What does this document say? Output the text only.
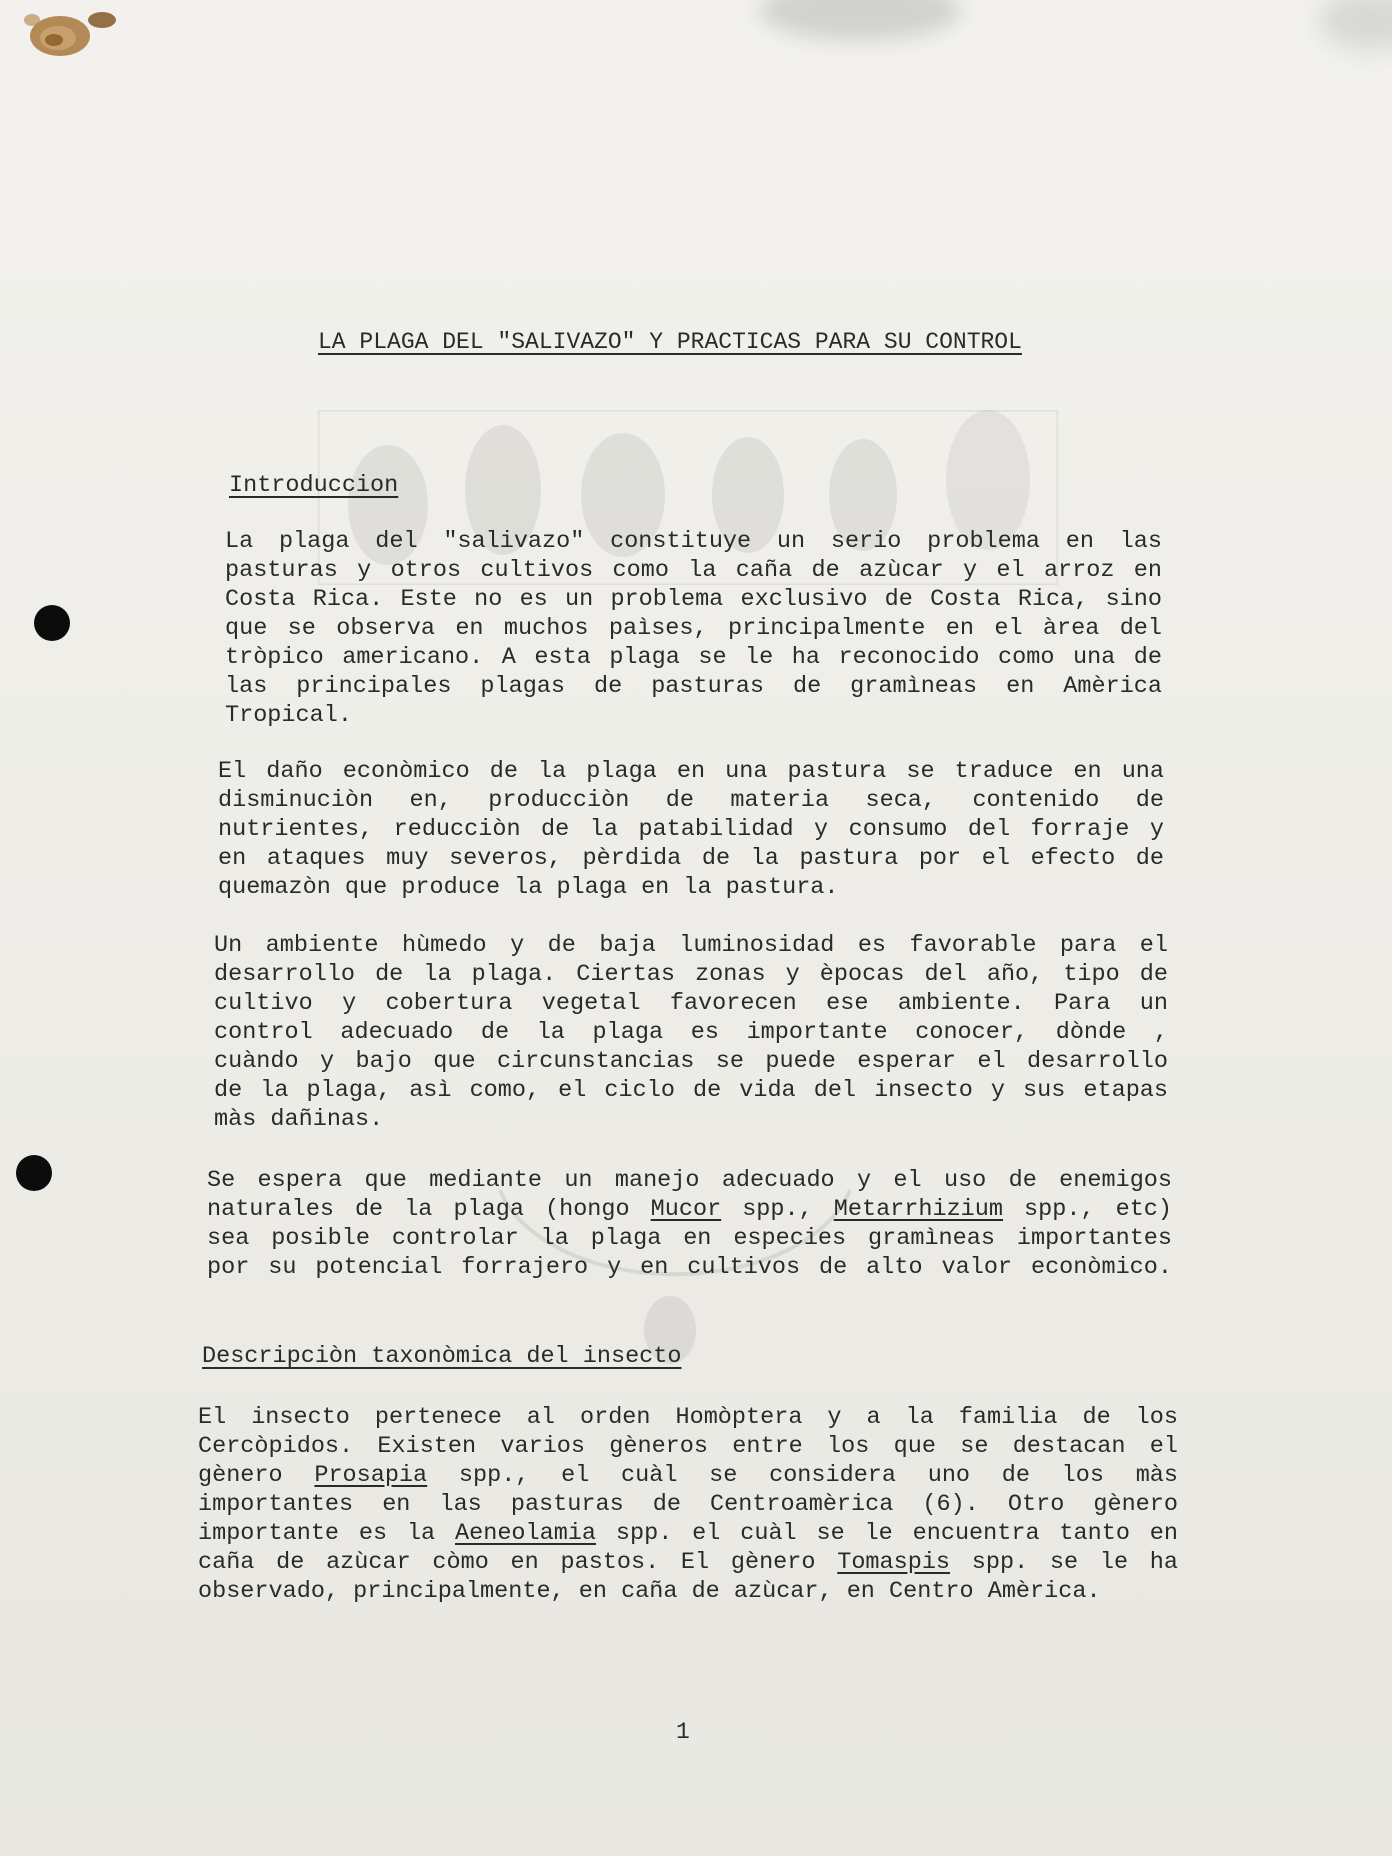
LA PLAGA DEL "SALIVAZO" Y PRACTICAS PARA SU CONTROL
Introduccion
La plaga del "salivazo" constituye un serio problema en las
pasturas y otros cultivos como la caña de azùcar y el arroz en
Costa Rica. Este no es un problema exclusivo de Costa Rica, sino
que se observa en muchos paìses, principalmente en el àrea del
tròpico americano. A esta plaga se le ha reconocido como una de
las principales plagas de pasturas de gramìneas en Amèrica
Tropical.
El daño econòmico de la plaga en una pastura se traduce en una
disminuciòn en, producciòn de materia seca, contenido de
nutrientes, reducciòn de la patabilidad y consumo del forraje y
en ataques muy severos, pèrdida de la pastura por el efecto de
quemazòn que produce la plaga en la pastura.
Un ambiente hùmedo y de baja luminosidad es favorable para el
desarrollo de la plaga. Ciertas zonas y èpocas del año, tipo de
cultivo y cobertura vegetal favorecen ese ambiente. Para un
control adecuado de la plaga es importante conocer, dònde ,
cuàndo y bajo que circunstancias se puede esperar el desarrollo
de la plaga, asì como, el ciclo de vida del insecto y sus etapas
màs dañinas.
Se espera que mediante un manejo adecuado y el uso de enemigos
naturales de la plaga (hongo Mucor spp., Metarrhizium spp., etc)
sea posible controlar la plaga en especies gramìneas importantes
por su potencial forrajero y en cultivos de alto valor econòmico.
Descripciòn taxonòmica del insecto
El insecto pertenece al orden Homòptera y a la familia de los
Cercòpidos. Existen varios gèneros entre los que se destacan el
gènero Prosapia spp., el cuàl se considera uno de los màs
importantes en las pasturas de Centroamèrica (6). Otro gènero
importante es la Aeneolamia spp. el cuàl se le encuentra tanto en
caña de azùcar còmo en pastos. El gènero Tomaspis spp. se le ha
observado, principalmente, en caña de azùcar, en Centro Amèrica.
1
